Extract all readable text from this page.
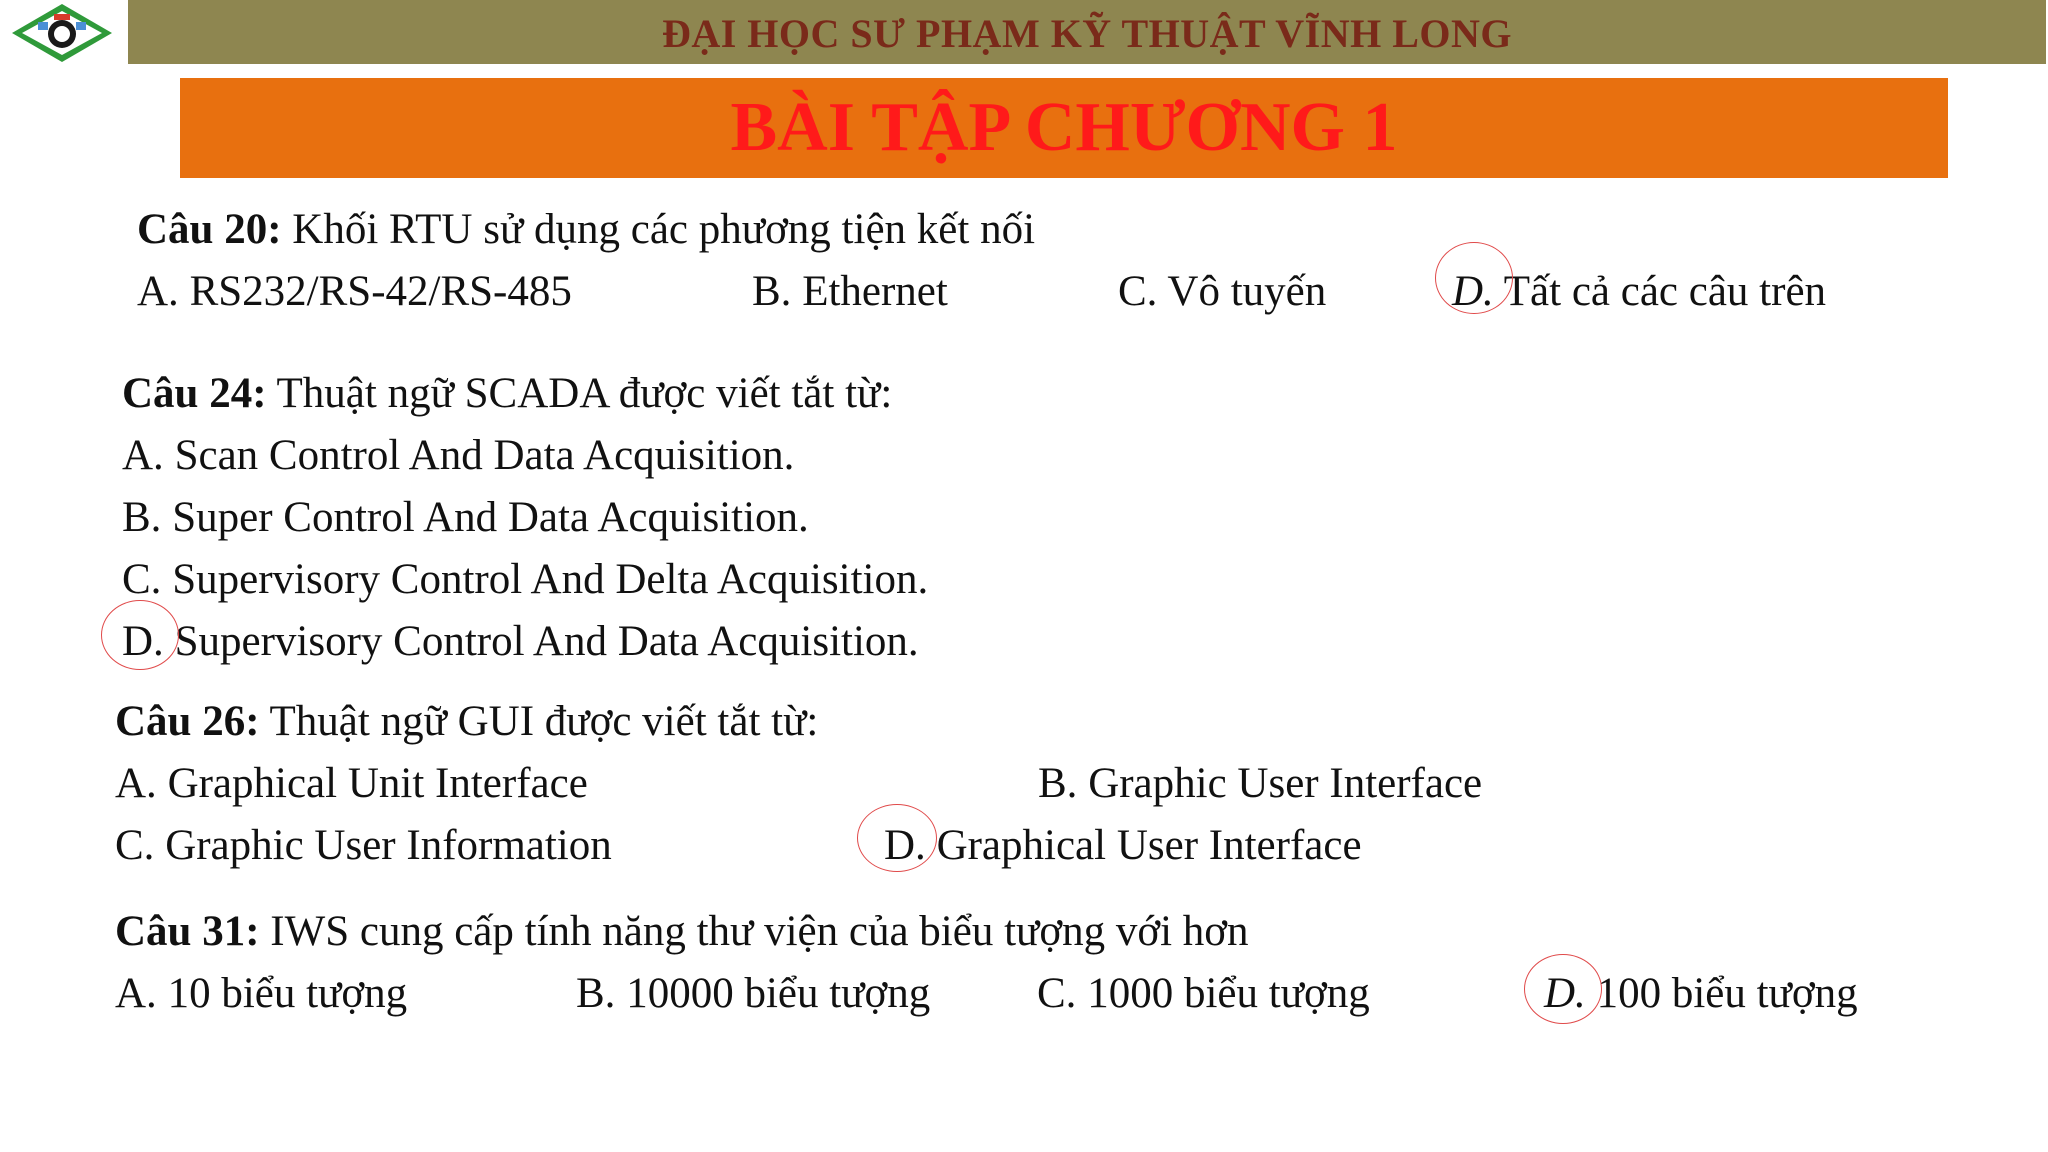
ĐẠI HỌC SƯ PHẠM KỸ THUẬT VĨNH LONG
BÀI TẬP CHƯƠNG 1
Câu 20: Khối RTU sử dụng các phương tiện kết nối
A. RS232/RS-42/RS-485	B. Ethernet	C. Vô tuyến	D. Tất cả các câu trên
Câu 24: Thuật ngữ SCADA được viết tắt từ:
A. Scan Control And Data Acquisition.
B. Super Control And Data Acquisition.
C. Supervisory Control And Delta Acquisition.
D. Supervisory Control And Data Acquisition.
Câu 26: Thuật ngữ GUI được viết tắt từ:
A. Graphical Unit Interface	B. Graphic User Interface
C. Graphic User Information	D. Graphical User Interface
Câu 31: IWS cung cấp tính năng thư viện của biểu tượng với hơn
A. 10 biểu tượng	B. 10000 biểu tượng C. 1000 biểu tượng	D. 100 biểu tượng
